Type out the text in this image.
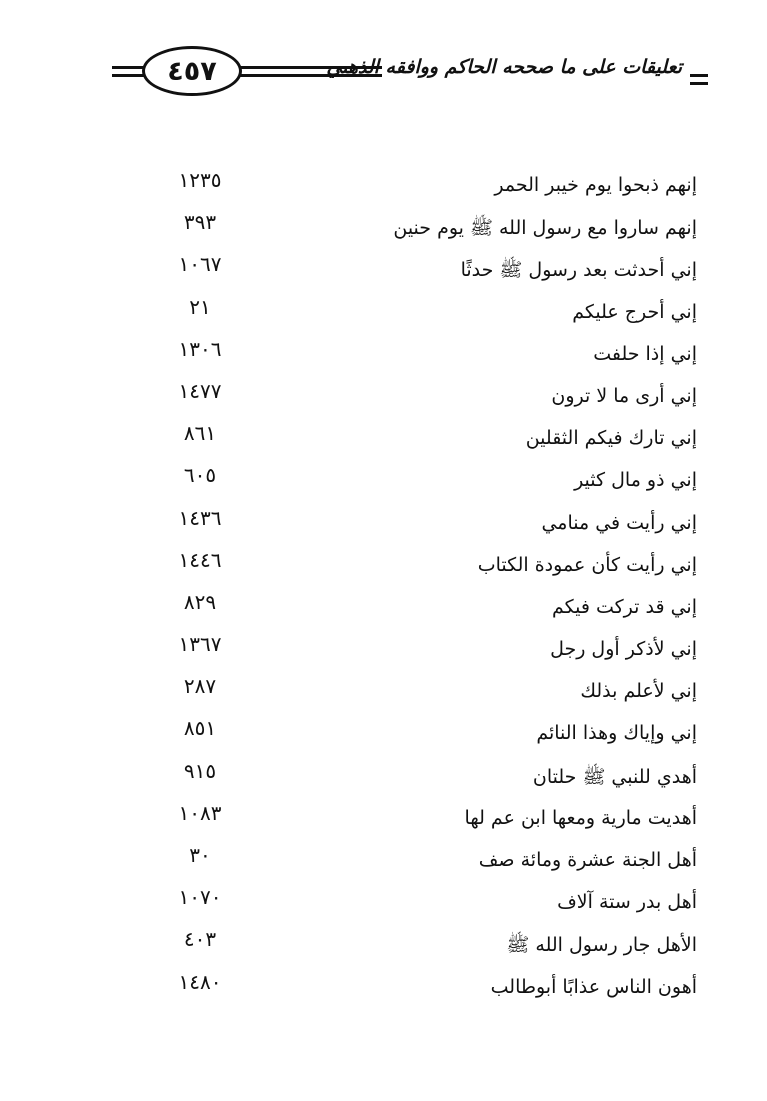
٤٥٧	تعليقات على ما صححه الحاكم ووافقه الذهبي
إنهم ذبحوا يوم خيبر الحمر
١٢٣٥
إنهم ساروا مع رسول الله ﷺ يوم حنين
٣٩٣
إني أحدثت بعد رسول ﷺ حدثًا
١٠٦٧
إني أحرج عليكم
٢١
إني إذا حلفت
١٣٠٦
إني أرى ما لا ترون
١٤٧٧
إني تارك فيكم الثقلين
٨٦١
إني ذو مال كثير
٦٠٥
إني رأيت في منامي
١٤٣٦
إني رأيت كأن عمودة الكتاب
١٤٤٦
إني قد تركت فيكم
٨٢٩
إني لأذكر أول رجل
١٣٦٧
إني لأعلم بذلك
٢٨٧
إني وإياك وهذا النائم
٨٥١
أهدي للنبي ﷺ حلتان
٩١٥
أهديت مارية ومعها ابن عم لها
١٠٨٣
أهل الجنة عشرة ومائة صف
٣٠
أهل بدر ستة آلاف
١٠٧٠
الأهل جار رسول الله ﷺ
٤٠٣
أهون الناس عذابًا أبوطالب
١٤٨٠
